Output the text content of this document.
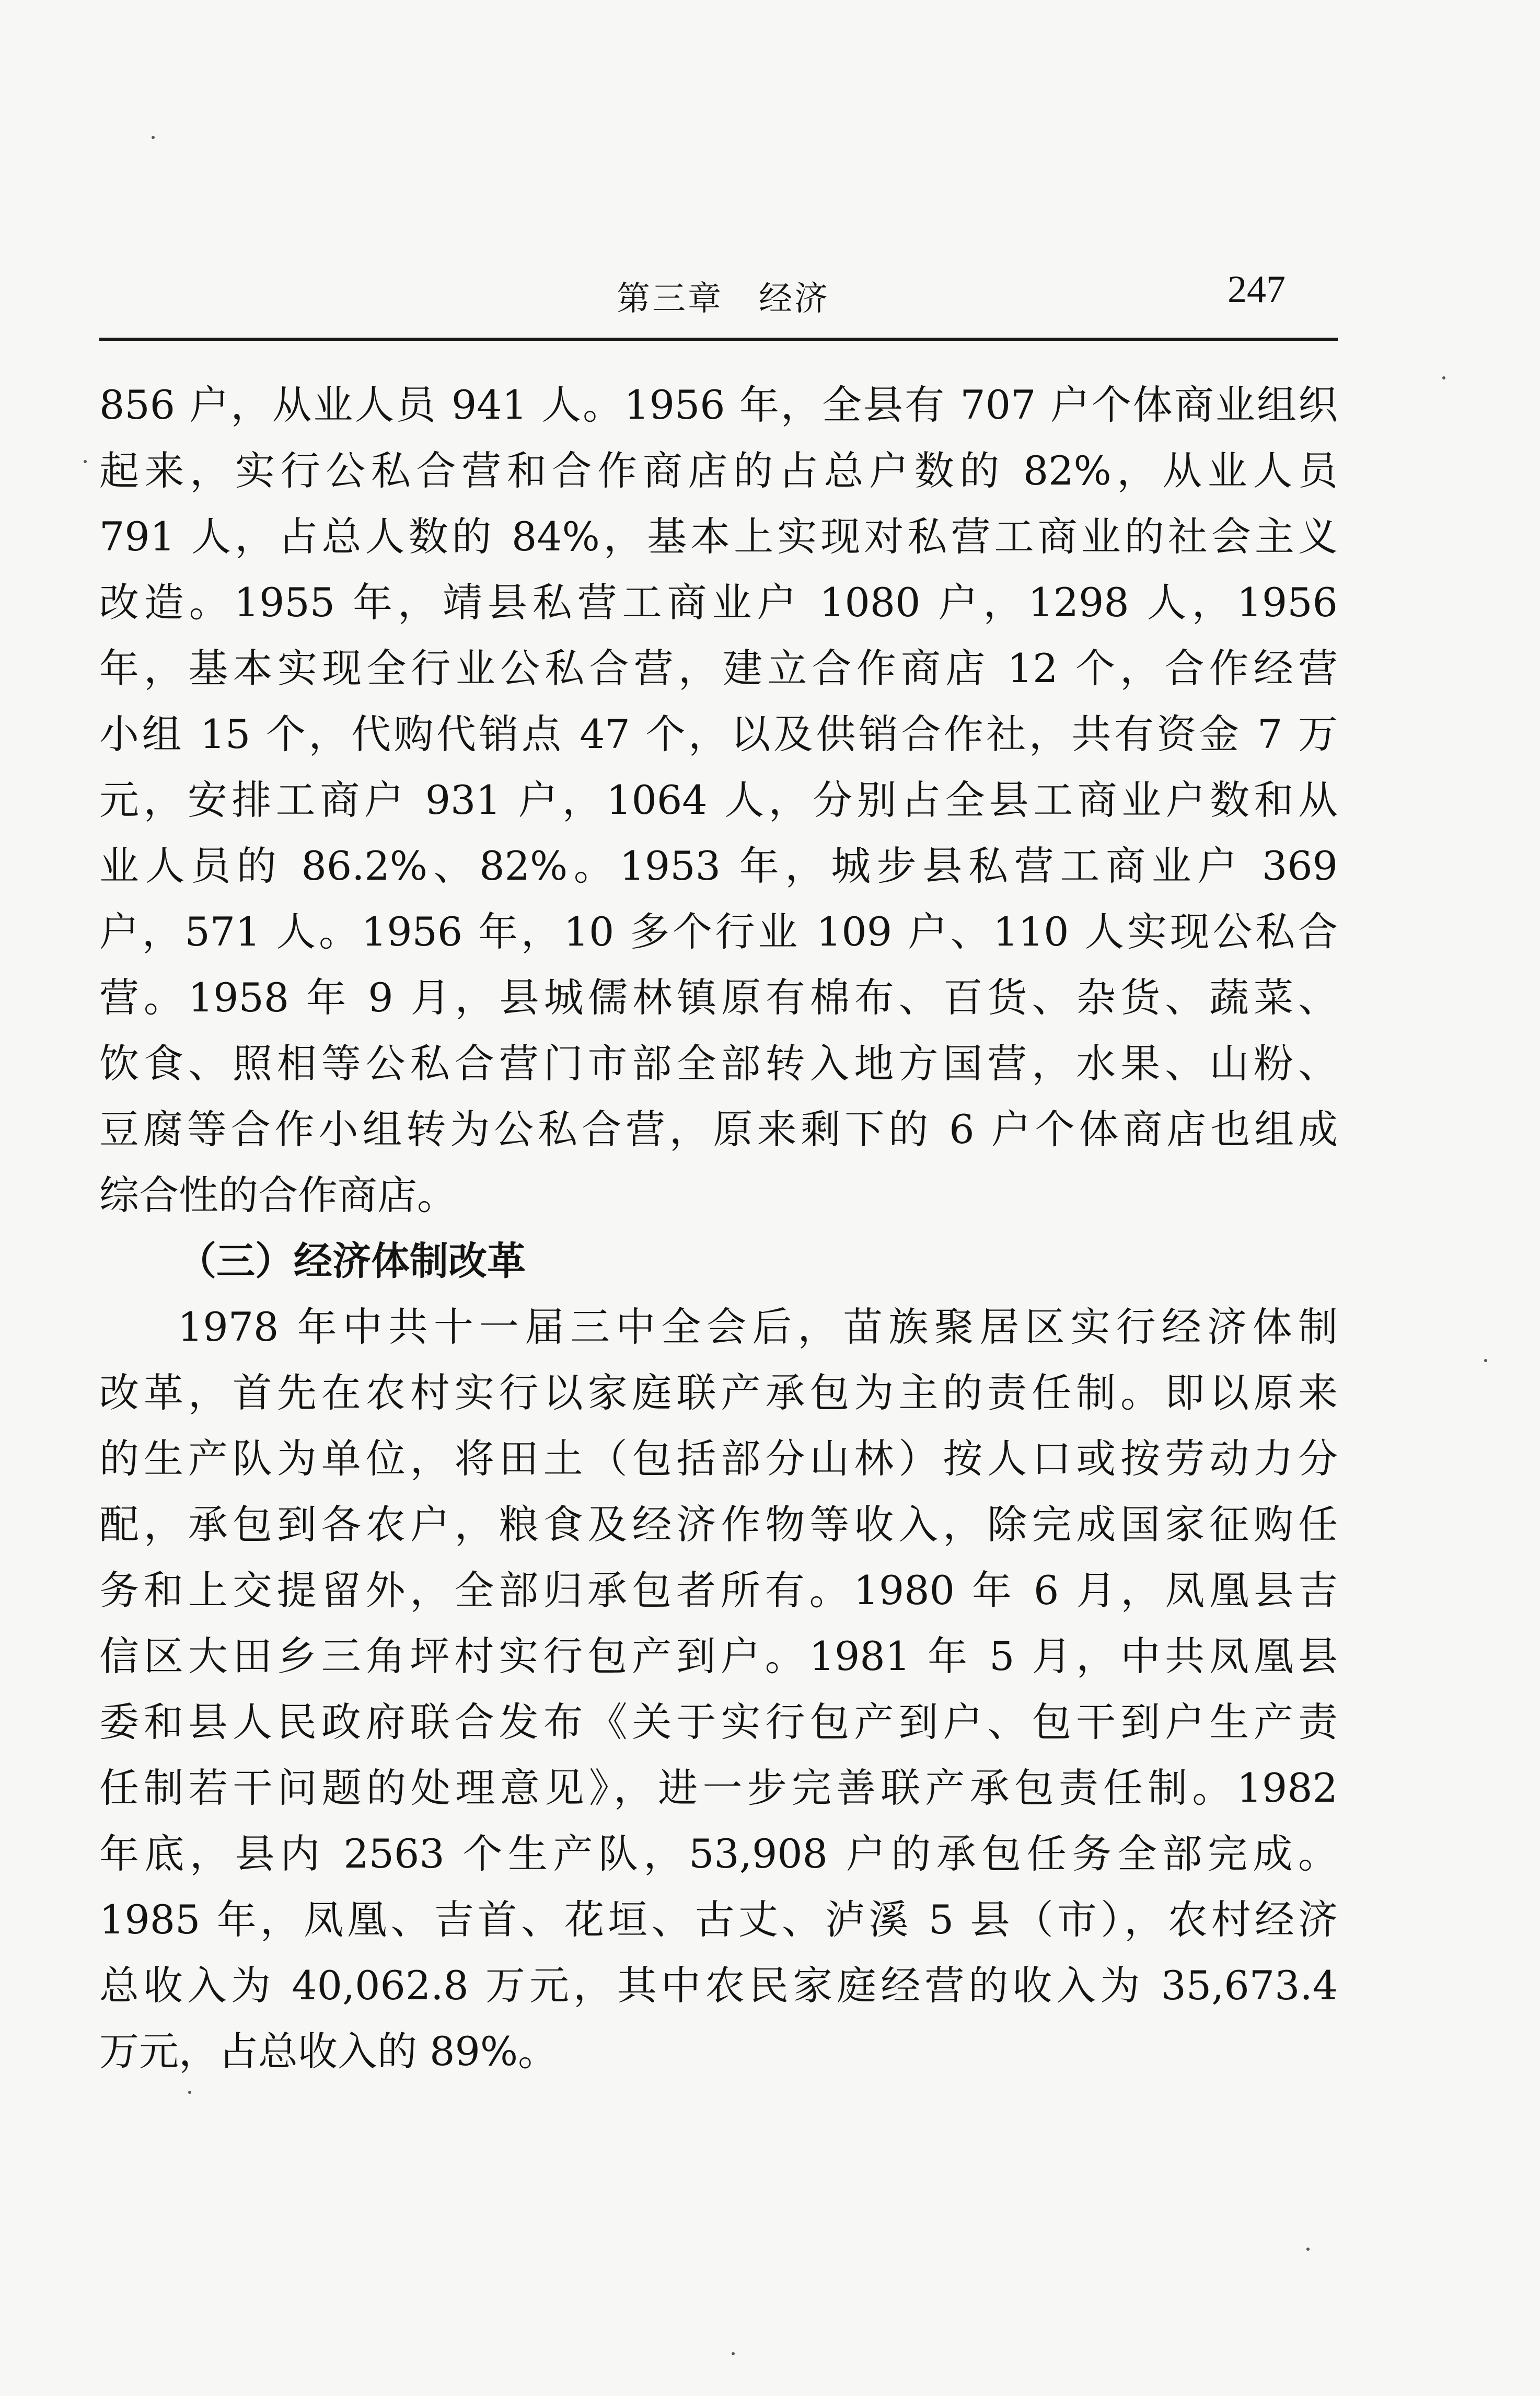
第三章　经济	247
856 户，从业人员 941 人。1956 年，全县有 707 户个体商业组织
起来，实行公私合营和合作商店的占总户数的 82%，从业人员
791 人，占总人数的 84%，基本上实现对私营工商业的社会主义
改造。1955 年，靖县私营工商业户 1080 户，1298 人，1956
年，基本实现全行业公私合营，建立合作商店 12 个，合作经营
小组 15 个，代购代销点 47 个，以及供销合作社，共有资金 7 万
元，安排工商户 931 户，1064 人，分别占全县工商业户数和从
业人员的 86.2%、82%。1953 年，城步县私营工商业户 369
户，571 人。1956 年，10 多个行业 109 户、110 人实现公私合
营。1958 年 9 月，县城儒林镇原有棉布、百货、杂货、蔬菜、
饮食、照相等公私合营门市部全部转入地方国营，水果、山粉、
豆腐等合作小组转为公私合营，原来剩下的 6 户个体商店也组成
综合性的合作商店。
（三）经济体制改革
1978 年中共十一届三中全会后，苗族聚居区实行经济体制
改革，首先在农村实行以家庭联产承包为主的责任制。即以原来
的生产队为单位，将田土（包括部分山林）按人口或按劳动力分
配，承包到各农户，粮食及经济作物等收入，除完成国家征购任
务和上交提留外，全部归承包者所有。1980 年 6 月，凤凰县吉
信区大田乡三角坪村实行包产到户。1981 年 5 月，中共凤凰县
委和县人民政府联合发布《关于实行包产到户、包干到户生产责
任制若干问题的处理意见》，进一步完善联产承包责任制。1982
年底，县内 2563 个生产队，53,908 户的承包任务全部完成。
1985 年，凤凰、吉首、花垣、古丈、泸溪 5 县（市），农村经济
总收入为 40,062.8 万元，其中农民家庭经营的收入为 35,673.4
万元，占总收入的 89%。
